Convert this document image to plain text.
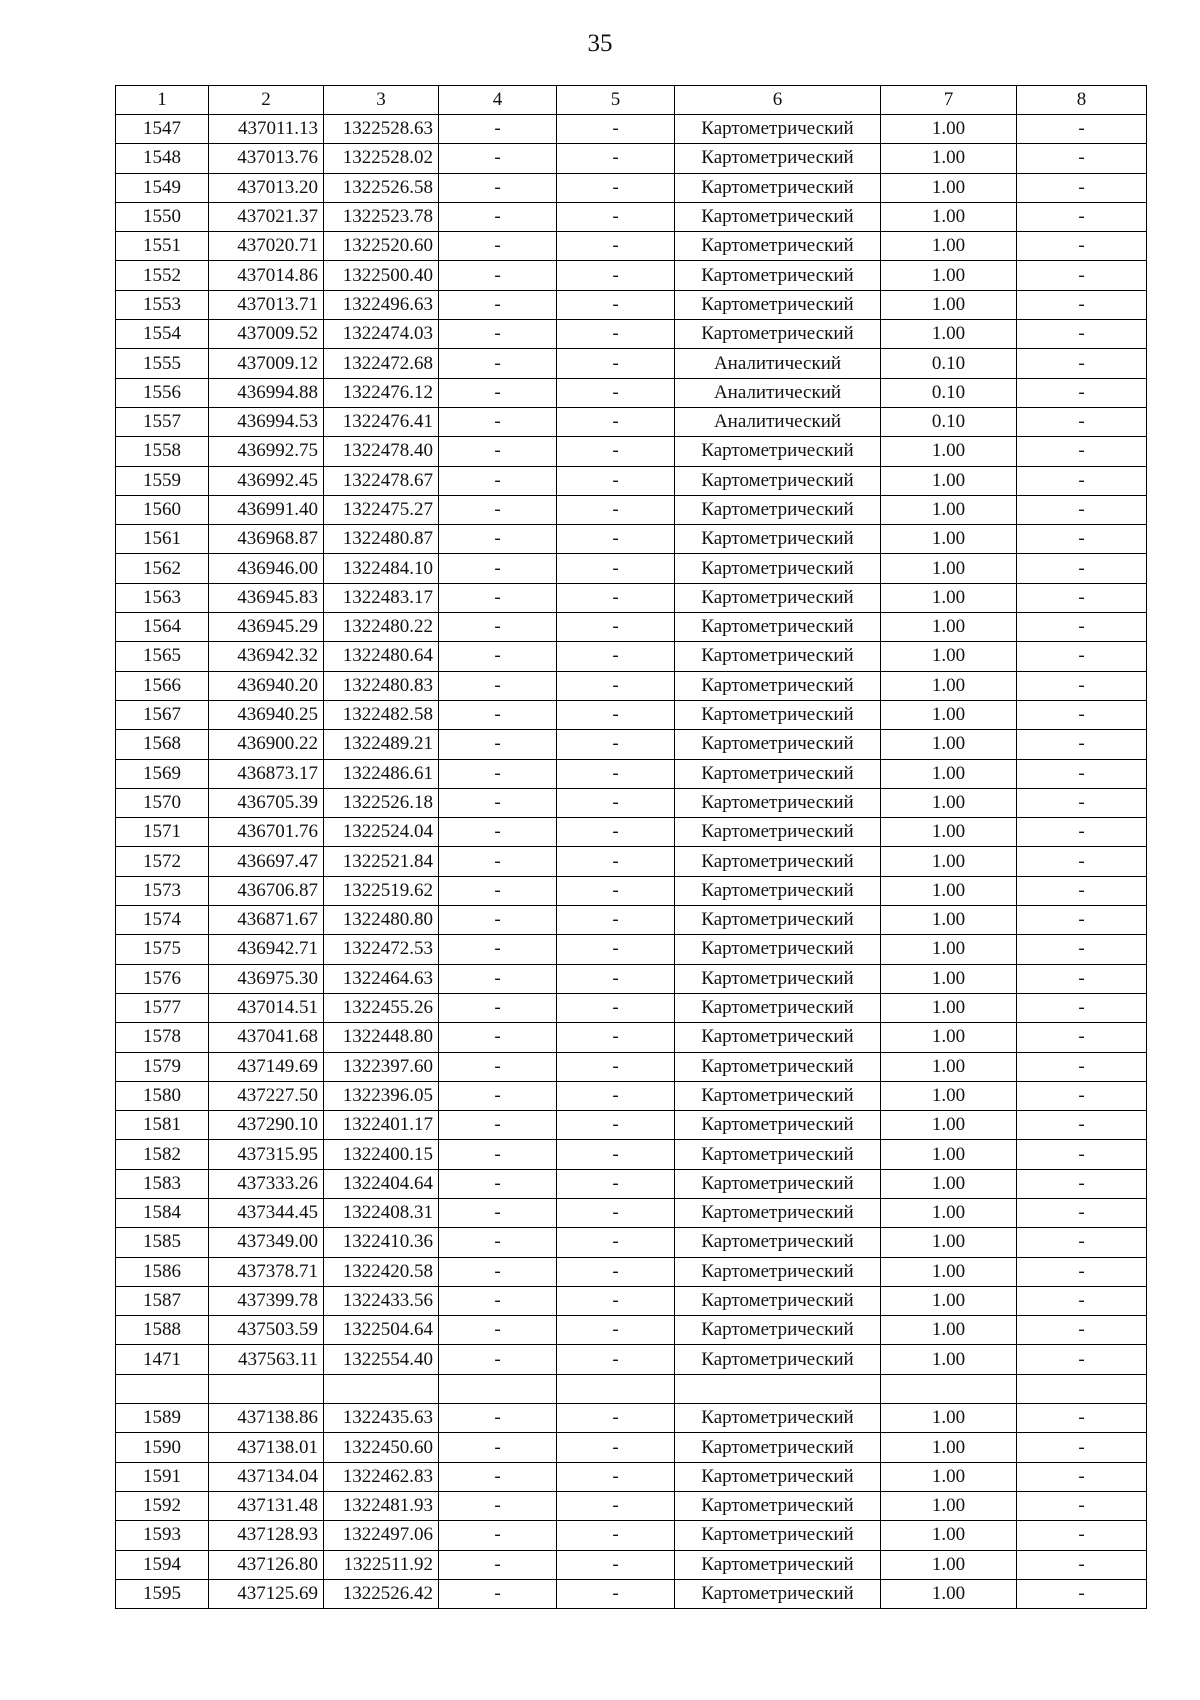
35
1	2	3	4	5	6	7	8
1547	437011.13	1322528.63	-	-	Картометрический	1.00	-
1548	437013.76	1322528.02	-	-	Картометрический	1.00	-
1549	437013.20	1322526.58	-	-	Картометрический	1.00	-
1550	437021.37	1322523.78	-	-	Картометрический	1.00	-
1551	437020.71	1322520.60	-	-	Картометрический	1.00	-
1552	437014.86	1322500.40	-	-	Картометрический	1.00	-
1553	437013.71	1322496.63	-	-	Картометрический	1.00	-
1554	437009.52	1322474.03	-	-	Картометрический	1.00	-
1555	437009.12	1322472.68	-	-	Аналитический	0.10	-
1556	436994.88	1322476.12	-	-	Аналитический	0.10	-
1557	436994.53	1322476.41	-	-	Аналитический	0.10	-
1558	436992.75	1322478.40	-	-	Картометрический	1.00	-
1559	436992.45	1322478.67	-	-	Картометрический	1.00	-
1560	436991.40	1322475.27	-	-	Картометрический	1.00	-
1561	436968.87	1322480.87	-	-	Картометрический	1.00	-
1562	436946.00	1322484.10	-	-	Картометрический	1.00	-
1563	436945.83	1322483.17	-	-	Картометрический	1.00	-
1564	436945.29	1322480.22	-	-	Картометрический	1.00	-
1565	436942.32	1322480.64	-	-	Картометрический	1.00	-
1566	436940.20	1322480.83	-	-	Картометрический	1.00	-
1567	436940.25	1322482.58	-	-	Картометрический	1.00	-
1568	436900.22	1322489.21	-	-	Картометрический	1.00	-
1569	436873.17	1322486.61	-	-	Картометрический	1.00	-
1570	436705.39	1322526.18	-	-	Картометрический	1.00	-
1571	436701.76	1322524.04	-	-	Картометрический	1.00	-
1572	436697.47	1322521.84	-	-	Картометрический	1.00	-
1573	436706.87	1322519.62	-	-	Картометрический	1.00	-
1574	436871.67	1322480.80	-	-	Картометрический	1.00	-
1575	436942.71	1322472.53	-	-	Картометрический	1.00	-
1576	436975.30	1322464.63	-	-	Картометрический	1.00	-
1577	437014.51	1322455.26	-	-	Картометрический	1.00	-
1578	437041.68	1322448.80	-	-	Картометрический	1.00	-
1579	437149.69	1322397.60	-	-	Картометрический	1.00	-
1580	437227.50	1322396.05	-	-	Картометрический	1.00	-
1581	437290.10	1322401.17	-	-	Картометрический	1.00	-
1582	437315.95	1322400.15	-	-	Картометрический	1.00	-
1583	437333.26	1322404.64	-	-	Картометрический	1.00	-
1584	437344.45	1322408.31	-	-	Картометрический	1.00	-
1585	437349.00	1322410.36	-	-	Картометрический	1.00	-
1586	437378.71	1322420.58	-	-	Картометрический	1.00	-
1587	437399.78	1322433.56	-	-	Картометрический	1.00	-
1588	437503.59	1322504.64	-	-	Картометрический	1.00	-
1471	437563.11	1322554.40	-	-	Картометрический	1.00	-

1589	437138.86	1322435.63	-	-	Картометрический	1.00	-
1590	437138.01	1322450.60	-	-	Картометрический	1.00	-
1591	437134.04	1322462.83	-	-	Картометрический	1.00	-
1592	437131.48	1322481.93	-	-	Картометрический	1.00	-
1593	437128.93	1322497.06	-	-	Картометрический	1.00	-
1594	437126.80	1322511.92	-	-	Картометрический	1.00	-
1595	437125.69	1322526.42	-	-	Картометрический	1.00	-
